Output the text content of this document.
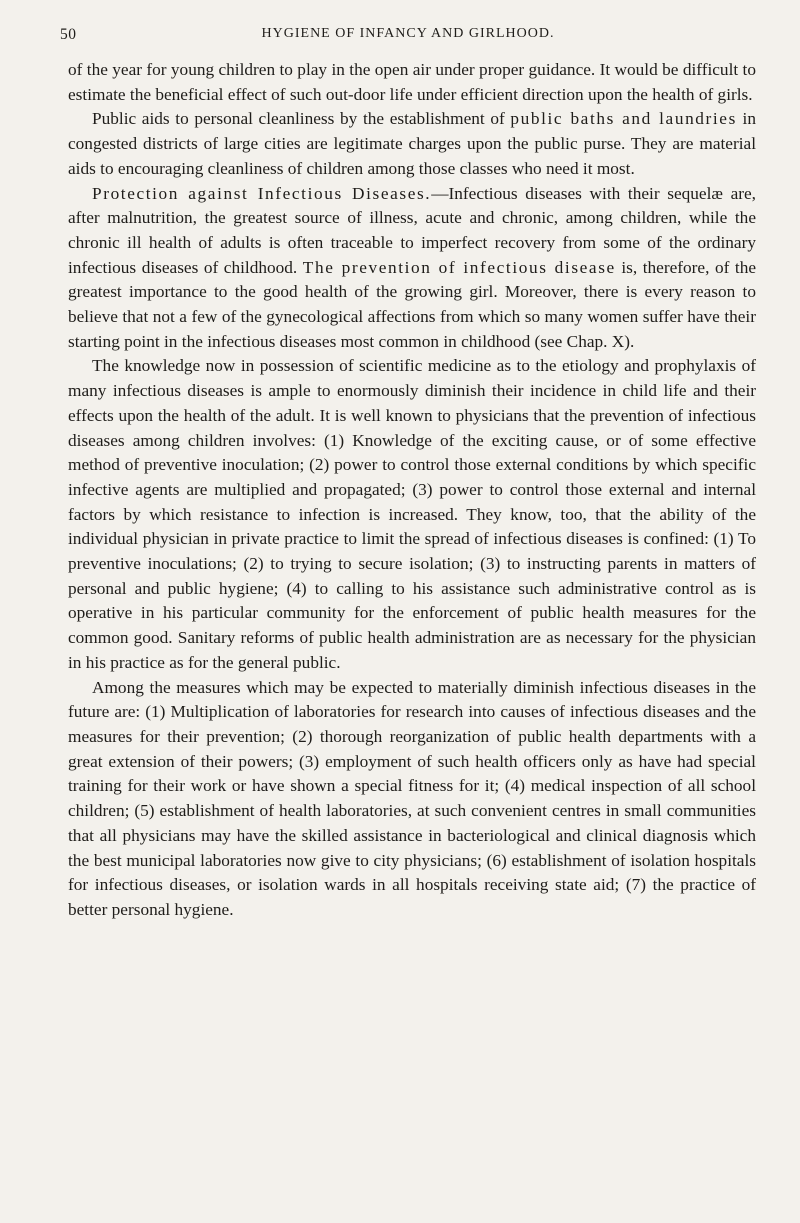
50	HYGIENE OF INFANCY AND GIRLHOOD.

of the year for young children to play in the open air under proper guidance. It would be difficult to estimate the beneficial effect of such out-door life under efficient direction upon the health of girls.

Public aids to personal cleanliness by the establishment of public baths and laundries in congested districts of large cities are legitimate charges upon the public purse. They are material aids to encouraging cleanliness of children among those classes who need it most.

Protection against Infectious Diseases.—Infectious diseases with their sequelæ are, after malnutrition, the greatest source of illness, acute and chronic, among children, while the chronic ill health of adults is often traceable to imperfect recovery from some of the ordinary infectious diseases of childhood. The prevention of infectious disease is, therefore, of the greatest importance to the good health of the growing girl. Moreover, there is every reason to believe that not a few of the gynecological affections from which so many women suffer have their starting point in the infectious diseases most common in childhood (see Chap. X).

The knowledge now in possession of scientific medicine as to the etiology and prophylaxis of many infectious diseases is ample to enormously diminish their incidence in child life and their effects upon the health of the adult. It is well known to physicians that the prevention of infectious diseases among children involves: (1) Knowledge of the exciting cause, or of some effective method of preventive inoculation; (2) power to control those external conditions by which specific infective agents are multiplied and propagated; (3) power to control those external and internal factors by which resistance to infection is increased. They know, too, that the ability of the individual physician in private practice to limit the spread of infectious diseases is confined: (1) To preventive inoculations; (2) to trying to secure isolation; (3) to instructing parents in matters of personal and public hygiene; (4) to calling to his assistance such administrative control as is operative in his particular community for the enforcement of public health measures for the common good. Sanitary reforms of public health administration are as necessary for the physician in his practice as for the general public.

Among the measures which may be expected to materially diminish infectious diseases in the future are: (1) Multiplication of laboratories for research into causes of infectious diseases and the measures for their prevention; (2) thorough reorganization of public health departments with a great extension of their powers; (3) employment of such health officers only as have had special training for their work or have shown a special fitness for it; (4) medical inspection of all school children; (5) establishment of health laboratories, at such convenient centres in small communities that all physicians may have the skilled assistance in bacteriological and clinical diagnosis which the best municipal laboratories now give to city physicians; (6) establishment of isolation hospitals for infectious diseases, or isolation wards in all hospitals receiving state aid; (7) the practice of better personal hygiene.
